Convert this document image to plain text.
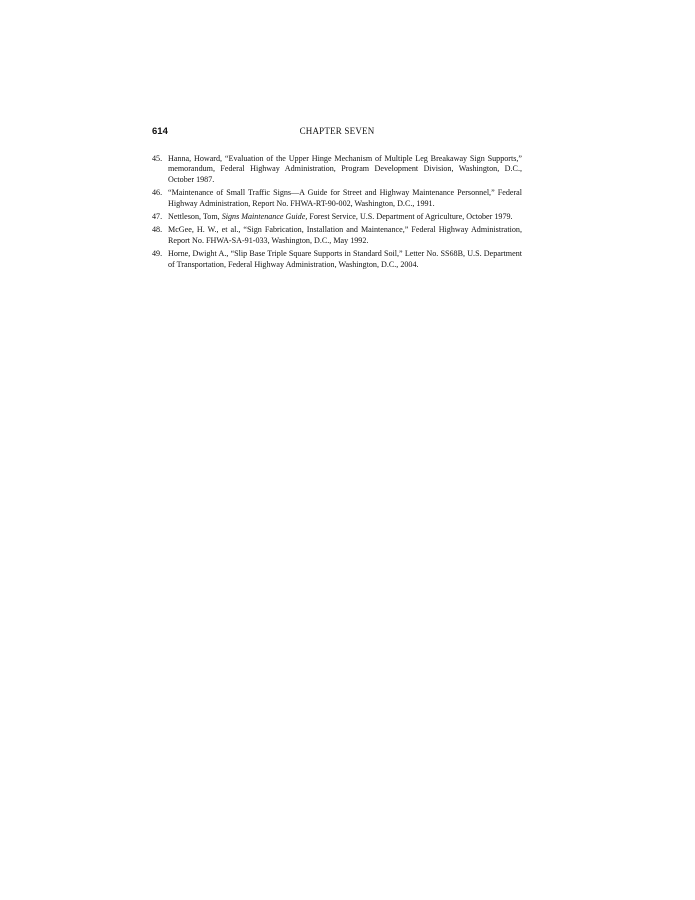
614	CHAPTER SEVEN
45. Hanna, Howard, “Evaluation of the Upper Hinge Mechanism of Multiple Leg Breakaway Sign Supports,” memorandum, Federal Highway Administration, Program Development Division, Washington, D.C., October 1987.
46. “Maintenance of Small Traffic Signs—A Guide for Street and Highway Maintenance Personnel,” Federal Highway Administration, Report No. FHWA-RT-90-002, Washington, D.C., 1991.
47. Nettleson, Tom, Signs Maintenance Guide, Forest Service, U.S. Department of Agriculture, October 1979.
48. McGee, H. W., et al., “Sign Fabrication, Installation and Maintenance,” Federal Highway Administration, Report No. FHWA-SA-91-033, Washington, D.C., May 1992.
49. Horne, Dwight A., “Slip Base Triple Square Supports in Standard Soil,” Letter No. SS68B, U.S. Department of Transportation, Federal Highway Administration, Washington, D.C., 2004.
